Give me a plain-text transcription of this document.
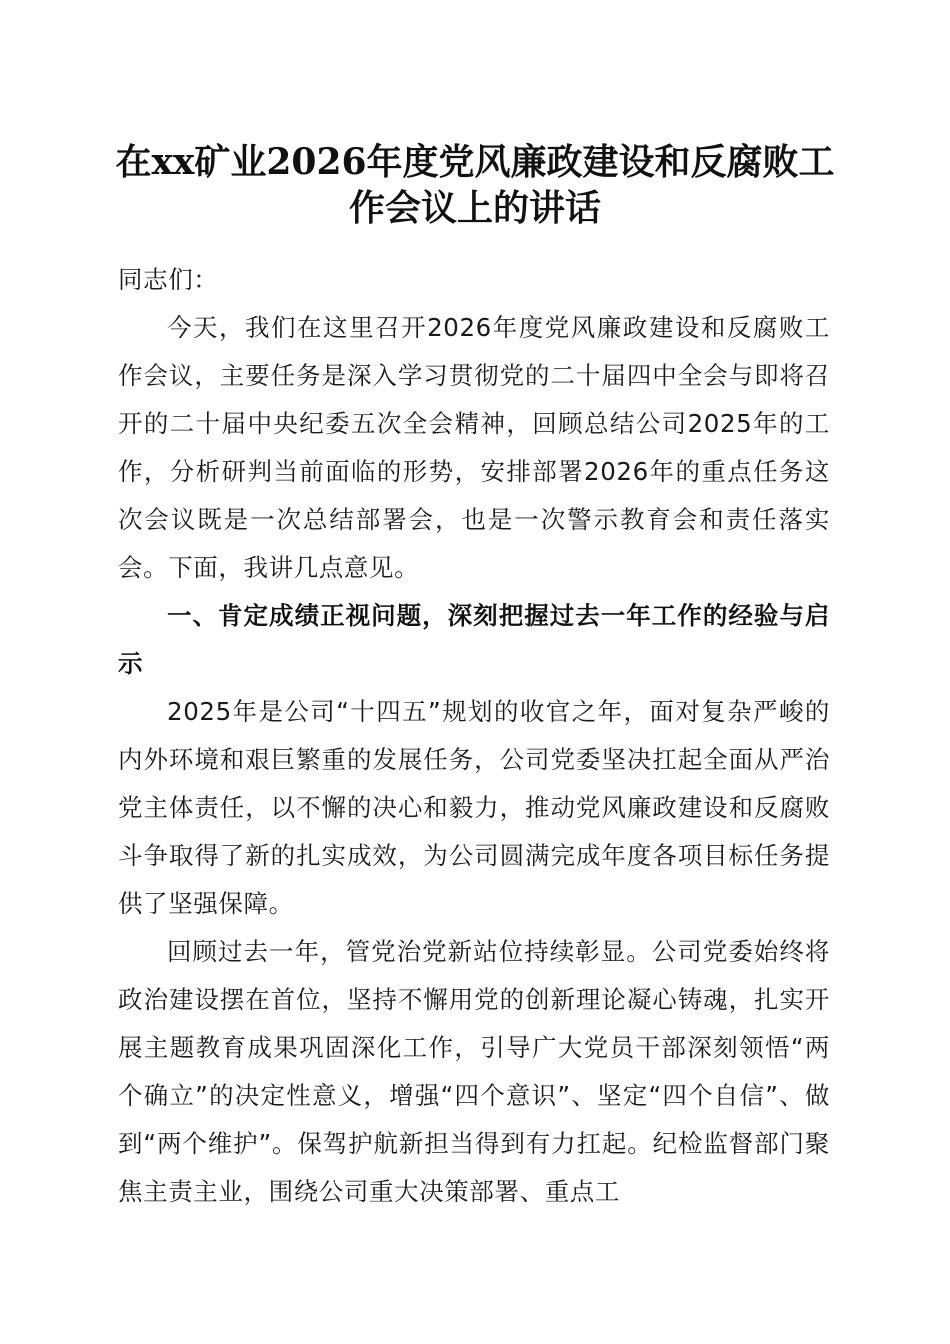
在xx矿业2026年度党风廉政建设和反腐败工
作会议上的讲话

同志们：

今天，我们在这里召开2026年度党风廉政建设和反腐败工作会议，主要任务是深入学习贯彻党的二十届四中全会与即将召开的二十届中央纪委五次全会精神，回顾总结公司2025年的工作，分析研判当前面临的形势，安排部署2026年的重点任务这次会议既是一次总结部署会，也是一次警示教育会和责任落实会。下面，我讲几点意见。

一、肯定成绩正视问题，深刻把握过去一年工作的经验与启示

2025年是公司“十四五”规划的收官之年，面对复杂严峻的内外环境和艰巨繁重的发展任务，公司党委坚决扛起全面从严治党主体责任，以不懈的决心和毅力，推动党风廉政建设和反腐败斗争取得了新的扎实成效，为公司圆满完成年度各项目标任务提供了坚强保障。

回顾过去一年，管党治党新站位持续彰显。公司党委始终将政治建设摆在首位，坚持不懈用党的创新理论凝心铸魂，扎实开展主题教育成果巩固深化工作，引导广大党员干部深刻领悟“两个确立”的决定性意义，增强“四个意识”、坚定“四个自信”、做到“两个维护”。保驾护航新担当得到有力扛起。纪检监督部门聚焦主责主业，围绕公司重大决策部署、重点工
